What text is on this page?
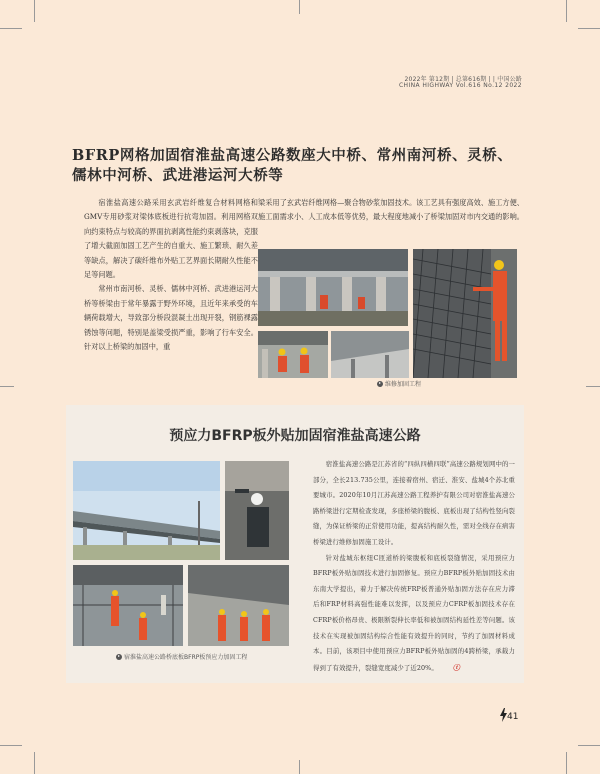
2022年 第12期 | 总第616期 | | 中国公路
CHINA HIGHWAY Vol.616 No.12 2022
BFRP网格加固宿淮盐高速公路数座大中桥、常州南河桥、灵桥、儒林中河桥、武进港运河大桥等

宿淮盐高速公路采用玄武岩纤维复合材料网格和GMV专用砂浆对梁体底板进行抗弯加固。利用网格双向约束特点与较高的界面抗剥离性能约束剥落块，克服了增大截面加固工艺产生的自重大、施工繁琐、耐久差等缺点，解决了碳纤维布外贴工艺界面长期耐久性能不足等问题。

常州市南河桥、灵桥、儒林中河桥、武进港运河大桥等桥梁由于常年暴露于野外环境，且近年来承受的车辆荷载增大，导致部分桥段混凝土出现开裂，钢筋裸露锈蚀等问题，特别是盖梁受损严重，影响了行车安全。针对以上桥梁的加固中，重

梁采用了玄武岩纤维网格—聚合物砂浆加固技术。该工艺具有强度高效、施工方便、施工面需求小、人工成本低等优势，最大程度地减小了桥梁加固对市内交通的影响。
维修加固工程
预应力BFRP板外贴加固宿淮盐高速公路
宿淮盐高速公路桥底板BFRP板预应力加固工程

宿淮盐高速公路是江苏省的“四纵四横四联”高速公路规划网中的一部分，全长213.735公里，连接着宿州、宿迁、淮安、盐城4个苏北重要城市。2020年10月江苏高速公路工程养护有限公司对宿淮盐高速公路桥梁进行定期检查发现，多座桥梁的腹板、底板出现了结构性竖向裂缝，为保证桥梁的正常使用功能，提高结构耐久性，需对全线存在病害桥梁进行维修加固施工设计。

针对盐城东枢纽C匝道桥的梁腹板和底板裂缝情况，采用预应力BFRP板外贴加固技术进行加固修复。预应力BFRP板外贴加固技术由东南大学提出，着力于解决传统FRP板普通外贴加固方法存在应力滞后和FRP材料高强性能难以发挥，以及预应力CFRP板加固技术存在CFRP板价格昂贵、极限断裂伸长率低和被加固结构延性差等问题。该技术在实现被加固结构综合性能有效提升的同时，节约了加固材料成本。目前，该项目中使用预应力BFRP板外贴加固的4跨桥梁，承载力得到了有效提升，裂缝宽度减少了近20%。 ⓣ

41
